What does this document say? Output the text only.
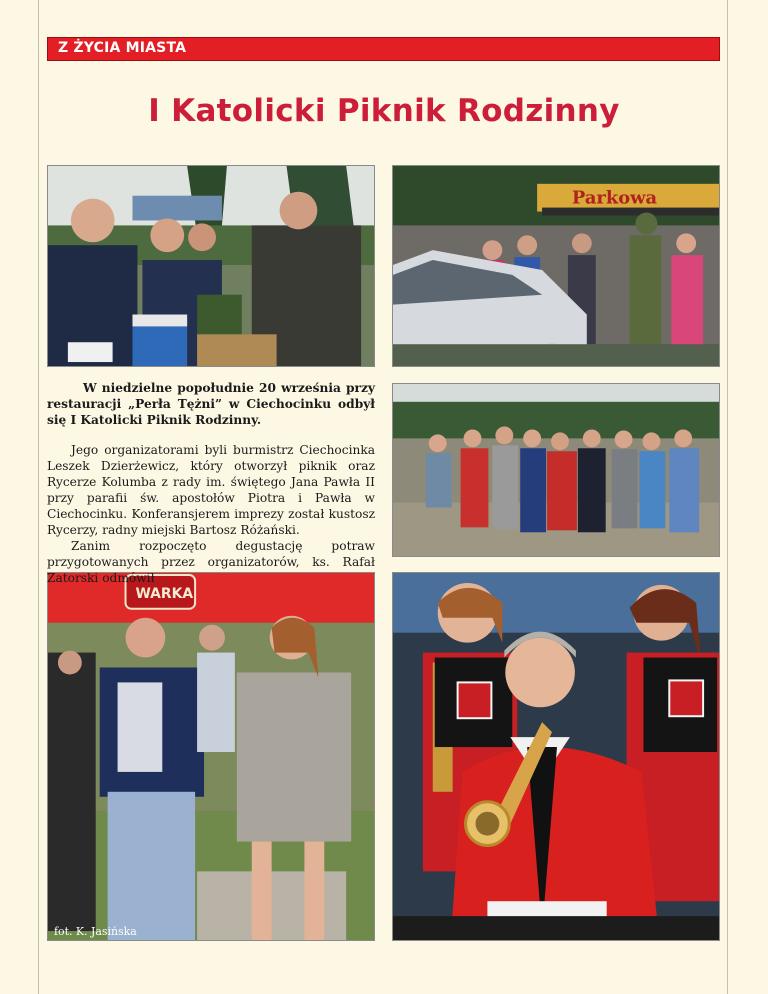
Z ŻYCIA MIASTA
I Katolicki Piknik Rodzinny
Parkowa
WARKA
fot. K. Jasińska

W niedzielne popołudnie 20 września przy restauracji „Perła Tężni” w Ciechocinku odbył się I Katolicki Piknik Rodzinny.

Jego organizatorami byli burmistrz Ciechocinka Leszek Dzierżewicz, który otworzył piknik oraz Rycerze Kolumba z rady im. świętego Jana Pawła II przy parafii św. apostołów Piotra i Pawła w Ciechocinku. Konferansjerem imprezy został kustosz Rycerzy, radny miejski Bartosz Różański.

Zanim rozpoczęto degustację potraw przygotowanych przez organizatorów, ks. Rafał Zatorski odmówił
